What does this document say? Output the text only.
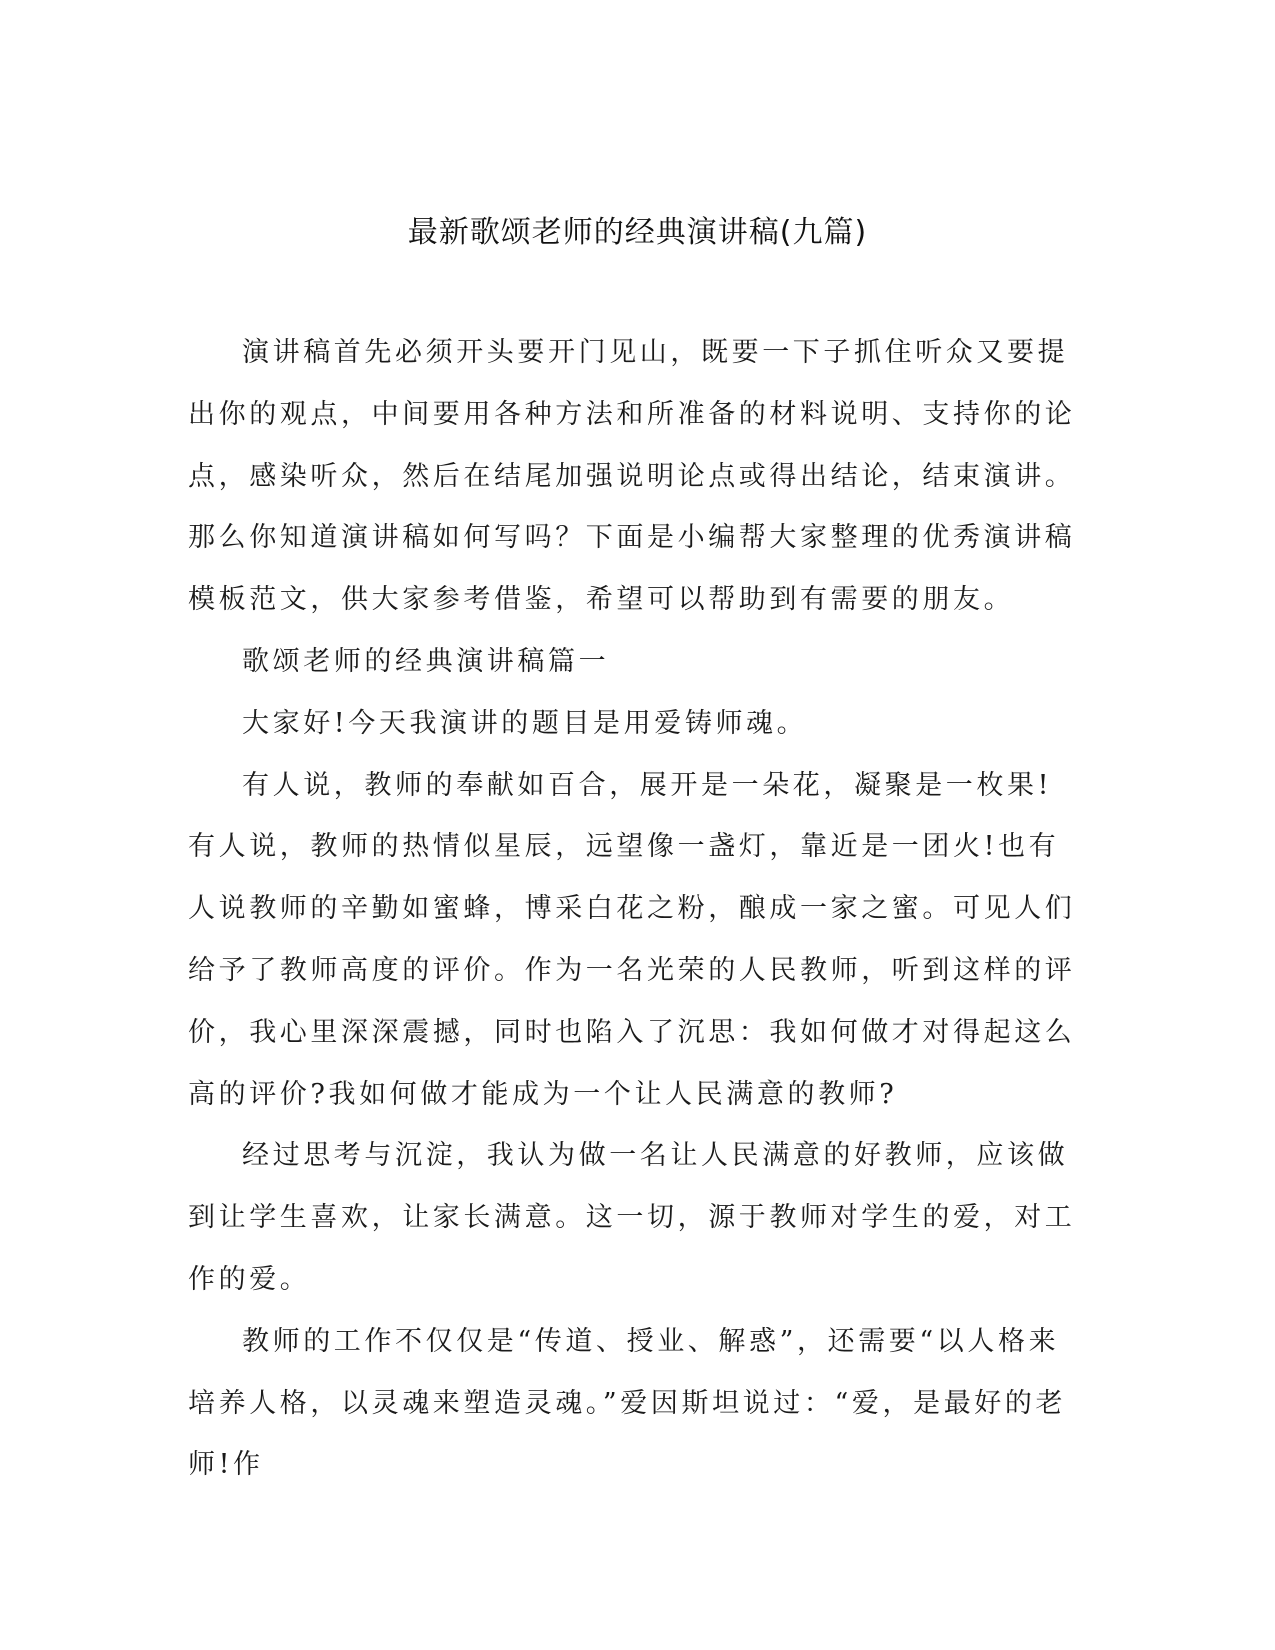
最新歌颂老师的经典演讲稿(九篇)

演讲稿首先必须开头要开门见山，既要一下子抓住听众又要提出你的观点，中间要用各种方法和所准备的材料说明、支持你的论点，感染听众，然后在结尾加强说明论点或得出结论，结束演讲。那么你知道演讲稿如何写吗？下面是小编帮大家整理的优秀演讲稿模板范文，供大家参考借鉴，希望可以帮助到有需要的朋友。

歌颂老师的经典演讲稿篇一

大家好!今天我演讲的题目是用爱铸师魂。

有人说，教师的奉献如百合，展开是一朵花，凝聚是一枚果!有人说，教师的热情似星辰，远望像一盏灯，靠近是一团火!也有人说教师的辛勤如蜜蜂，博采白花之粉，酿成一家之蜜。可见人们给予了教师高度的评价。作为一名光荣的人民教师，听到这样的评价，我心里深深震撼，同时也陷入了沉思：我如何做才对得起这么高的评价?我如何做才能成为一个让人民满意的教师?

经过思考与沉淀，我认为做一名让人民满意的好教师，应该做到让学生喜欢，让家长满意。这一切，源于教师对学生的爱，对工作的爱。

教师的工作不仅仅是“传道、授业、解惑”，还需要“以人格来培养人格，以灵魂来塑造灵魂。”爱因斯坦说过：“爱，是最好的老师!作
